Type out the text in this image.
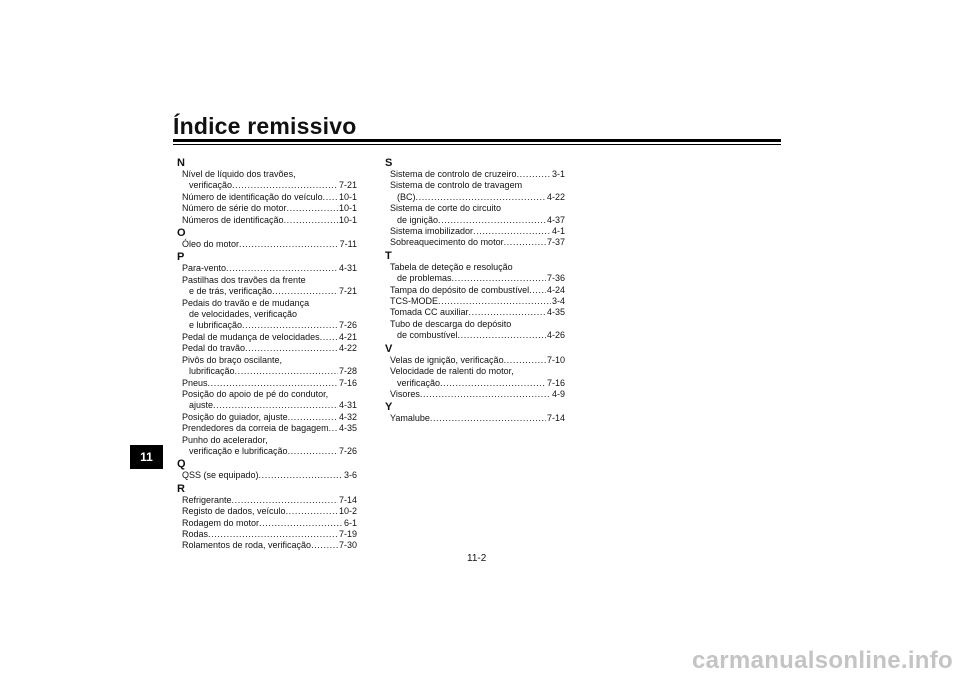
Índice remissivo
11
N
Nível de líquido dos travões,
verificação .....	7-21
Número de identificação do veículo ..... 10-1
Número de série do motor .....	10-1
Números de identificação .....	10-1
O
Óleo do motor .....	7-11
P
Para-vento .....	4-31
Pastilhas dos travões da frente
e de trás, verificação .....	7-21
Pedais do travão e de mudança
de velocidades, verificação
e lubrificação .....	7-26
Pedal de mudança de velocidades ..... 4-21
Pedal do travão .....	4-22
Pivôs do braço oscilante,
lubrificação .....	7-28
Pneus .....	7-16
Posição do apoio de pé do condutor,
ajuste .....	4-31
Posição do guiador, ajuste .....	4-32
Prendedores da correia de bagagem ..... 4-35
Punho do acelerador,
verificação e lubrificação .....	7-26
Q
QSS (se equipado) .....	3-6
R
Refrigerante .....	7-14
Registo de dados, veículo .....	10-2
Rodagem do motor .....	6-1
Rodas .....	7-19
Rolamentos de roda, verificação .....	7-30
S
Sistema de controlo de cruzeiro .....	3-1
Sistema de controlo de travagem
(BC) .....	4-22
Sistema de corte do circuito
de ignição .....	4-37
Sistema imobilizador .....	4-1
Sobreaquecimento do motor .....	7-37
T
Tabela de deteção e resolução
de problemas .....	7-36
Tampa do depósito de combustível ..... 4-24
TCS-MODE .....	3-4
Tomada CC auxiliar .....	4-35
Tubo de descarga do depósito
de combustível .....	4-26
V
Velas de ignição, verificação .....	7-10
Velocidade de ralenti do motor,
verificação .....	7-16
Visores .....	4-9
Y
Yamalube .....	7-14
11-2
carmanualsonline.info
